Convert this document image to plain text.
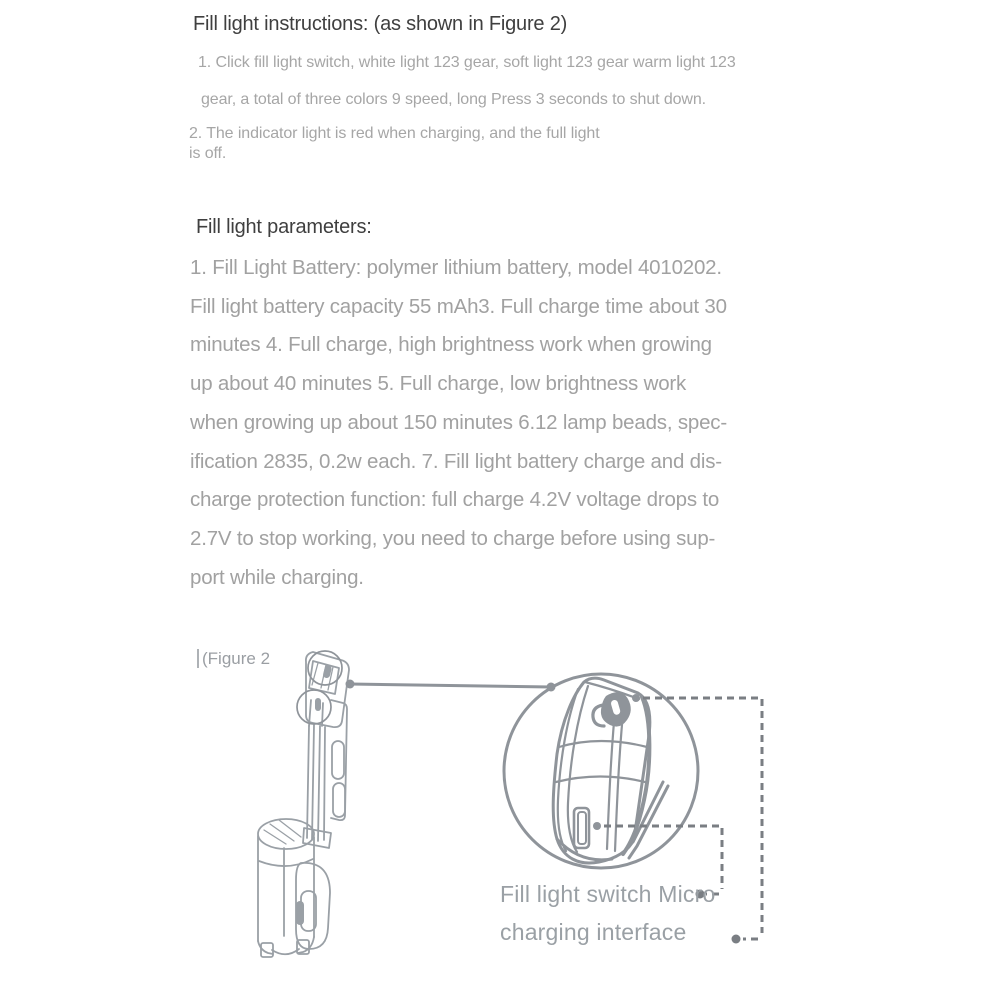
Fill light instructions: (as shown in Figure 2)
1. Click fill light switch, white light 123 gear, soft light 123 gear warm light 123
gear, a total of three colors 9 speed, long Press 3 seconds to shut down.
2. The indicator light is red when charging, and the full light
is off.
Fill light parameters:
1. Fill Light Battery: polymer lithium battery, model 4010202.
Fill light battery capacity 55 mAh3. Full charge time about 30
minutes 4. Full charge, high brightness work when growing
up about 40 minutes 5. Full charge, low brightness work
when growing up about 150 minutes 6.12 lamp beads, spec-
ification 2835, 0.2w each. 7. Fill light battery charge and dis-
charge protection function: full charge 4.2V voltage drops to
2.7V to stop working, you need to charge before using sup-
port while charging.
(Figure 2
Fill light switch Micro
charging interface
